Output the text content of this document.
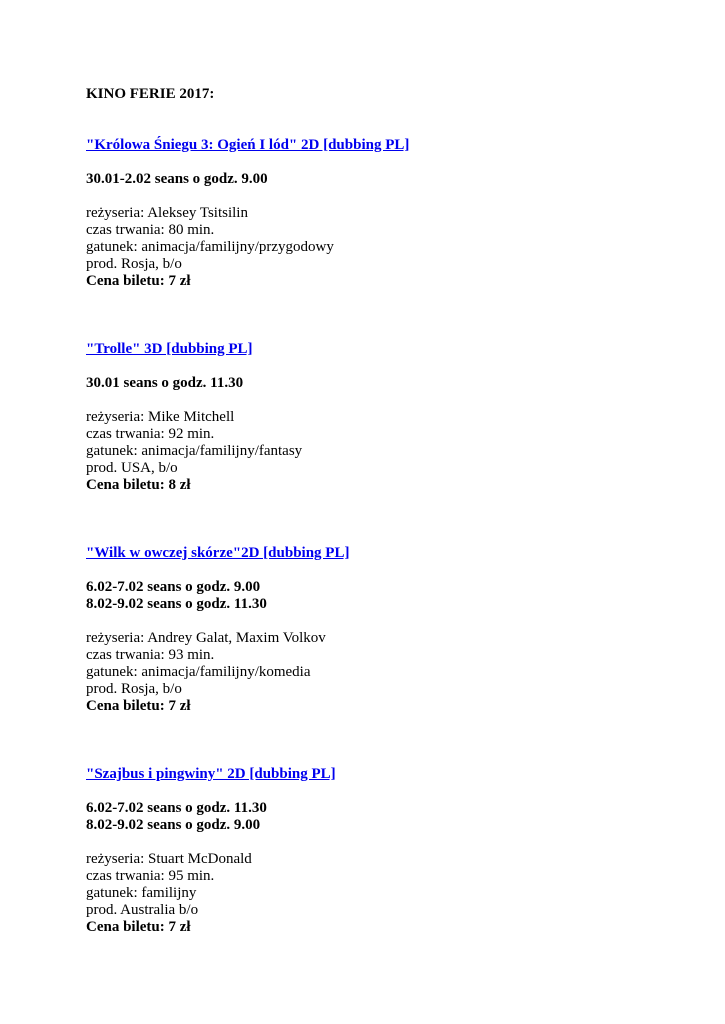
KINO FERIE 2017:
"Królowa Śniegu 3: Ogień I lód" 2D [dubbing PL]
30.01-2.02 seans o godz. 9.00
reżyseria: Aleksey Tsitsilin
czas trwania: 80 min.
gatunek: animacja/familijny/przygodowy
prod. Rosja, b/o
Cena biletu: 7 zł
"Trolle" 3D [dubbing PL]
30.01 seans o godz. 11.30
reżyseria: Mike Mitchell
czas trwania: 92 min.
gatunek: animacja/familijny/fantasy
prod. USA, b/o
Cena biletu: 8 zł
"Wilk w owczej skórze"2D [dubbing PL]
6.02-7.02 seans o godz. 9.00
8.02-9.02 seans o godz. 11.30
reżyseria: Andrey Galat, Maxim Volkov
czas trwania: 93 min.
gatunek: animacja/familijny/komedia
prod. Rosja, b/o
Cena biletu: 7 zł
"Szajbus i pingwiny" 2D [dubbing PL]
6.02-7.02 seans o godz. 11.30
8.02-9.02 seans o godz. 9.00
reżyseria: Stuart McDonald
czas trwania: 95 min.
gatunek: familijny
prod. Australia b/o
Cena biletu: 7 zł
